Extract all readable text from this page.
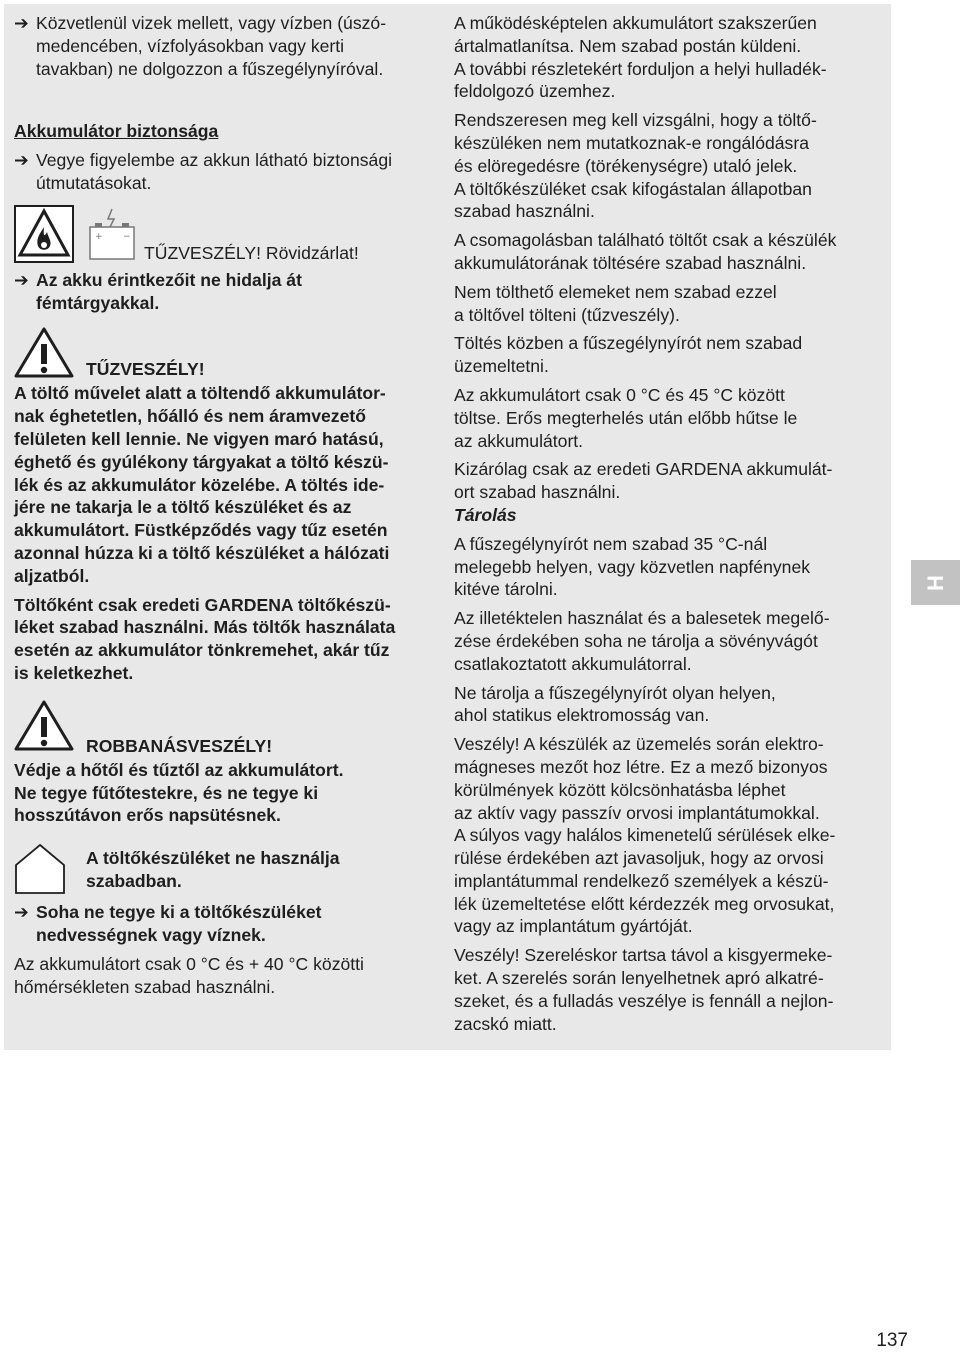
➔ Közvetlenül vizek mellett, vagy vízben (úszó-
medencében, vízfolyásokban vagy kerti
tavakban) ne dolgozzon a fűszegélynyíróval.
Akkumulátor biztonsága
➔ Vegye figyelembe az akkun látható biztonsági
útmutatásokat.
+ −
TŰZVESZÉLY! Rövidzárlat!
➔ Az akku érintkezőit ne hidalja át
fémtárgyakkal.
TŰZVESZÉLY!
A töltő művelet alatt a töltendő akkumulátor-
nak éghetetlen, hőálló és nem áramvezető
felületen kell lennie. Ne vigyen maró hatású,
éghető és gyúlékony tárgyakat a töltő készü-
lék és az akkumulátor közelébe. A töltés ide-
jére ne takarja le a töltő készüléket és az
akkumulátort. Füstképződés vagy tűz esetén
azonnal húzza ki a töltő készüléket a hálózati
aljzatból.
Töltőként csak eredeti GARDENA töltőkészü-
léket szabad használni. Más töltők használata
esetén az akkumulátor tönkremehet, akár tűz
is keletkezhet.
ROBBANÁSVESZÉLY!
Védje a hőtől és tűztől az akkumulátort.
Ne tegye fűtőtestekre, és ne tegye ki
hosszútávon erős napsütésnek.
A töltőkészüléket ne használja
szabadban.
➔ Soha ne tegye ki a töltőkészüléket
nedvességnek vagy víznek.
Az akkumulátort csak 0 °C és + 40 °C közötti
hőmérsékleten szabad használni.
A működésképtelen akkumulátort szakszerűen
ártalmatlanítsa. Nem szabad postán küldeni.
A további részletekért forduljon a helyi hulladék-
feldolgozó üzemhez.
Rendszeresen meg kell vizsgálni, hogy a töltő-
készüléken nem mutatkoznak-e rongálódásra
és elöregedésre (törékenységre) utaló jelek.
A töltőkészüléket csak kifogástalan állapotban
szabad használni.
A csomagolásban található töltőt csak a készülék
akkumulátorának töltésére szabad használni.
Nem tölthető elemeket nem szabad ezzel
a töltővel tölteni (tűzveszély).
Töltés közben a fűszegélynyírót nem szabad
üzemeltetni.
Az akkumulátort csak 0 °C és 45 °C között
töltse. Erős megterhelés után előbb hűtse le
az akkumulátort.
Kizárólag csak az eredeti GARDENA akkumulát-
ort szabad használni.
Tárolás
A fűszegélynyírót nem szabad 35 °C-nál
melegebb helyen, vagy közvetlen napfénynek
kitéve tárolni.
Az illetéktelen használat és a balesetek megelő-
zése érdekében soha ne tárolja a sövényvágót
csatlakoztatott akkumulátorral.
Ne tárolja a fűszegélynyírót olyan helyen,
ahol statikus elektromosság van.
Veszély! A készülék az üzemelés során elektro-
mágneses mezőt hoz létre. Ez a mező bizonyos
körülmények között kölcsönhatásba léphet
az aktív vagy passzív orvosi implantátumokkal.
A súlyos vagy halálos kimenetelű sérülések elke-
rülése érdekében azt javasoljuk, hogy az orvosi
implantátummal rendelkező személyek a készü-
lék üzemeltetése előtt kérdezzék meg orvosukat,
vagy az implantátum gyártóját.
Veszély! Szereléskor tartsa távol a kisgyermeke-
ket. A szerelés során lenyelhetnek apró alkatré-
szeket, és a fulladás veszélye is fennáll a nejlon-
zacskó miatt.
H
137
